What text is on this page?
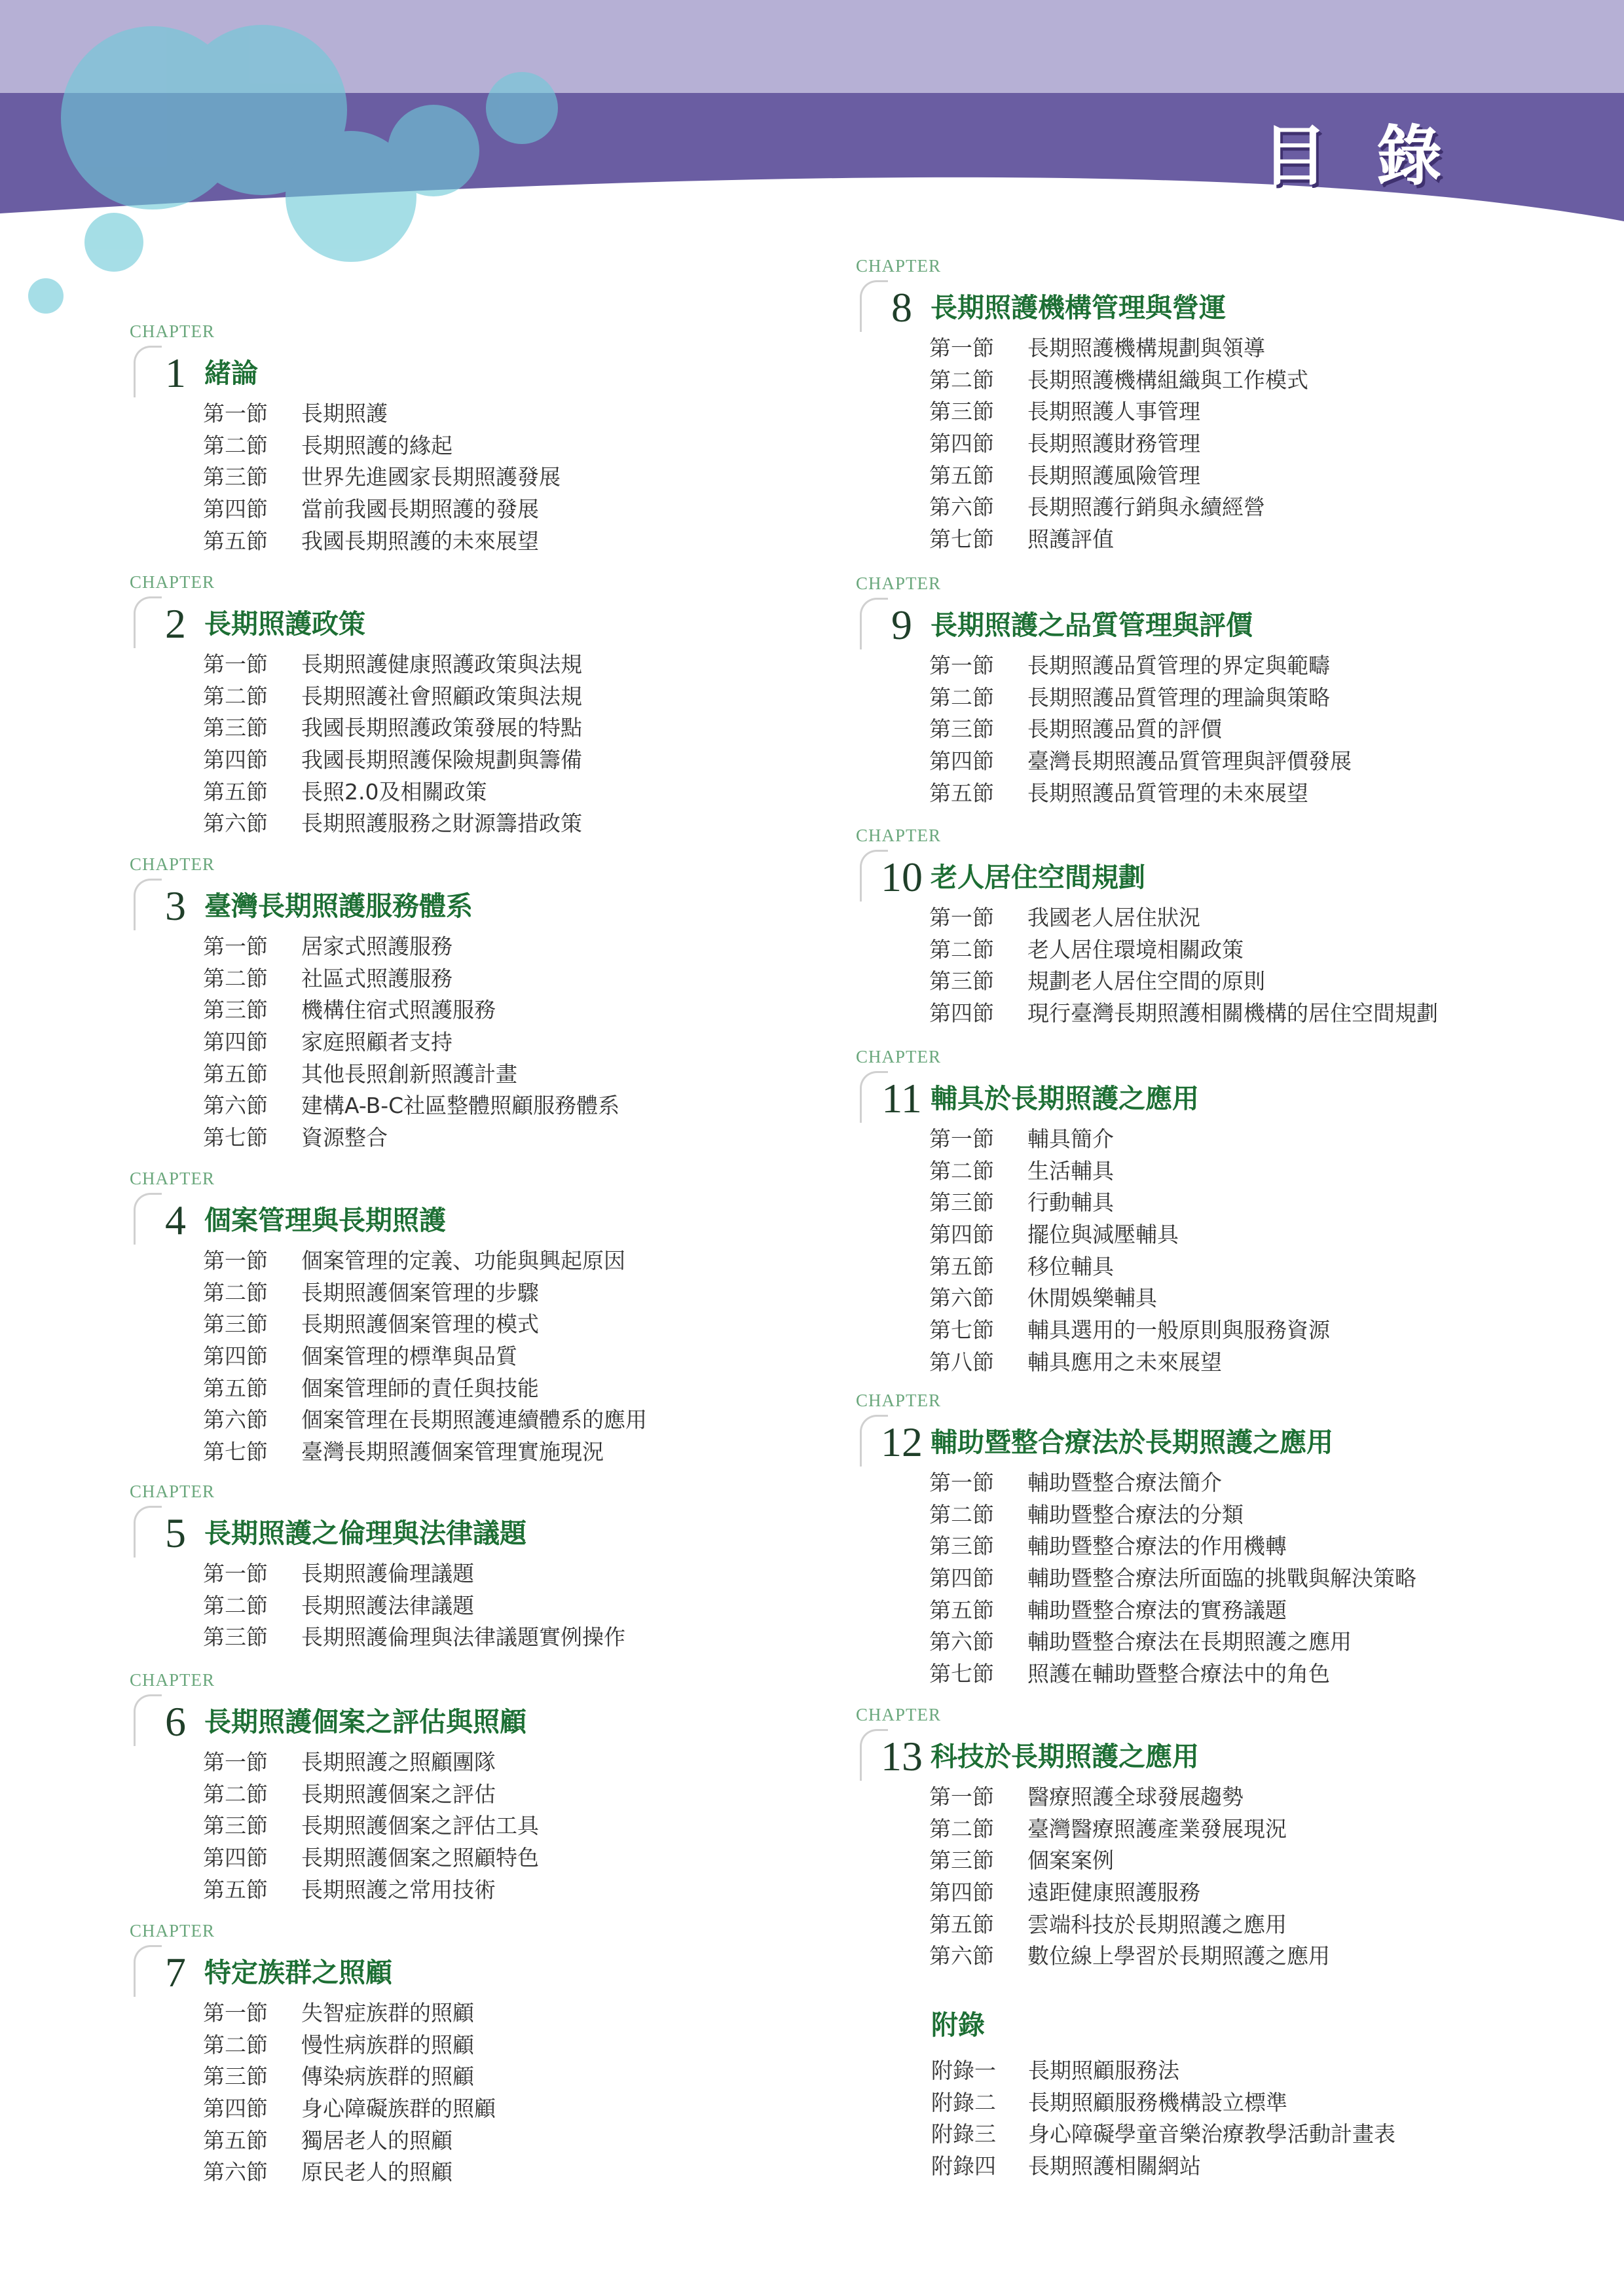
目 錄
CHAPTER
1 緒論
第一節 長期照護
第二節 長期照護的緣起
第三節 世界先進國家長期照護發展
第四節 當前我國長期照護的發展
第五節 我國長期照護的未來展望
CHAPTER
2 長期照護政策
第一節 長期照護健康照護政策與法規
第二節 長期照護社會照顧政策與法規
第三節 我國長期照護政策發展的特點
第四節 我國長期照護保險規劃與籌備
第五節 長照2.0及相關政策
第六節 長期照護服務之財源籌措政策
CHAPTER
3 臺灣長期照護服務體系
第一節 居家式照護服務
第二節 社區式照護服務
第三節 機構住宿式照護服務
第四節 家庭照顧者支持
第五節 其他長照創新照護計畫
第六節 建構A-B-C社區整體照顧服務體系
第七節 資源整合
CHAPTER
4 個案管理與長期照護
第一節 個案管理的定義、功能與興起原因
第二節 長期照護個案管理的步驟
第三節 長期照護個案管理的模式
第四節 個案管理的標準與品質
第五節 個案管理師的責任與技能
第六節 個案管理在長期照護連續體系的應用
第七節 臺灣長期照護個案管理實施現況
CHAPTER
5 長期照護之倫理與法律議題
第一節 長期照護倫理議題
第二節 長期照護法律議題
第三節 長期照護倫理與法律議題實例操作
CHAPTER
6 長期照護個案之評估與照顧
第一節 長期照護之照顧團隊
第二節 長期照護個案之評估
第三節 長期照護個案之評估工具
第四節 長期照護個案之照顧特色
第五節 長期照護之常用技術
CHAPTER
7 特定族群之照顧
第一節 失智症族群的照顧
第二節 慢性病族群的照顧
第三節 傳染病族群的照顧
第四節 身心障礙族群的照顧
第五節 獨居老人的照顧
第六節 原民老人的照顧
CHAPTER
8 長期照護機構管理與營運
第一節 長期照護機構規劃與領導
第二節 長期照護機構組織與工作模式
第三節 長期照護人事管理
第四節 長期照護財務管理
第五節 長期照護風險管理
第六節 長期照護行銷與永續經營
第七節 照護評值
CHAPTER
9 長期照護之品質管理與評價
第一節 長期照護品質管理的界定與範疇
第二節 長期照護品質管理的理論與策略
第三節 長期照護品質的評價
第四節 臺灣長期照護品質管理與評價發展
第五節 長期照護品質管理的未來展望
CHAPTER
10 老人居住空間規劃
第一節 我國老人居住狀況
第二節 老人居住環境相關政策
第三節 規劃老人居住空間的原則
第四節 現行臺灣長期照護相關機構的居住空間規劃
CHAPTER
11 輔具於長期照護之應用
第一節 輔具簡介
第二節 生活輔具
第三節 行動輔具
第四節 擺位與減壓輔具
第五節 移位輔具
第六節 休閒娛樂輔具
第七節 輔具選用的一般原則與服務資源
第八節 輔具應用之未來展望
CHAPTER
12 輔助暨整合療法於長期照護之應用
第一節 輔助暨整合療法簡介
第二節 輔助暨整合療法的分類
第三節 輔助暨整合療法的作用機轉
第四節 輔助暨整合療法所面臨的挑戰與解決策略
第五節 輔助暨整合療法的實務議題
第六節 輔助暨整合療法在長期照護之應用
第七節 照護在輔助暨整合療法中的角色
CHAPTER
13 科技於長期照護之應用
第一節 醫療照護全球發展趨勢
第二節 臺灣醫療照護產業發展現況
第三節 個案案例
第四節 遠距健康照護服務
第五節 雲端科技於長期照護之應用
第六節 數位線上學習於長期照護之應用
附錄
附錄一 長期照顧服務法
附錄二 長期照顧服務機構設立標準
附錄三 身心障礙學童音樂治療教學活動計畫表
附錄四 長期照護相關網站
